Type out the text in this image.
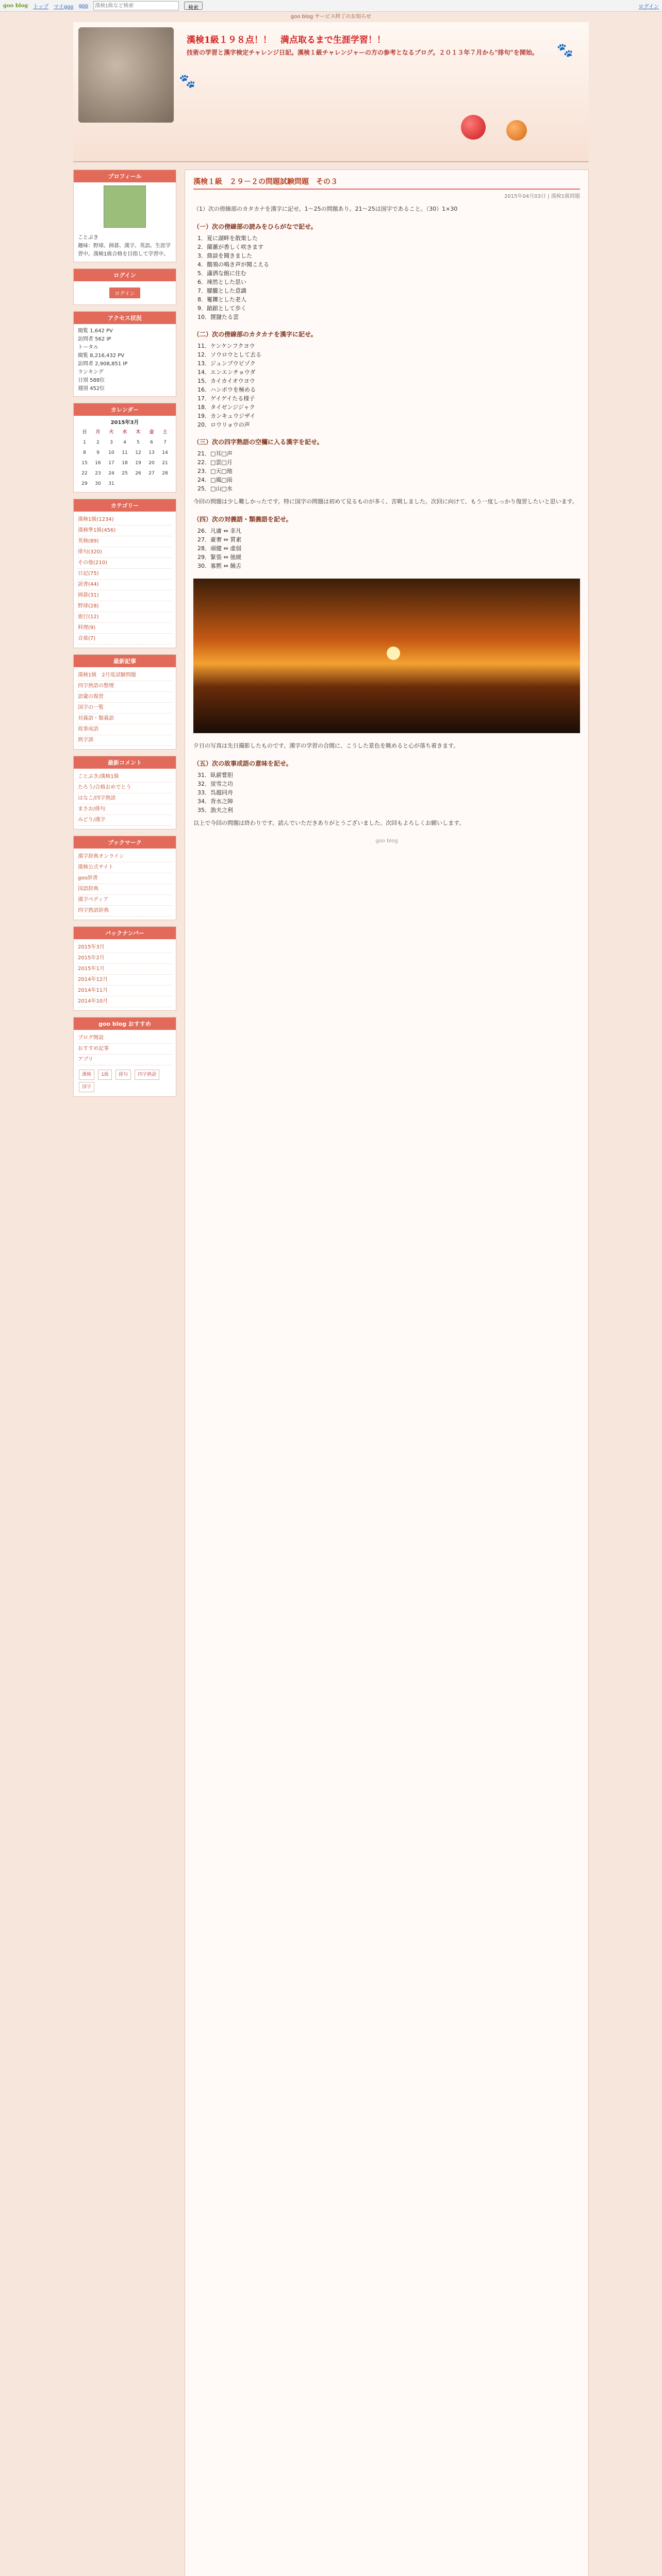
goo blog トップ マイgoo goo
漢検1級など検索	検索	ログイン
goo blog サービス終了のお知らせ
漢検1級１９８点！！　満点取るまで生涯学習！！
技術の学習と漢字検定チャレンジ日記。漢検１級チャレンジャーの方の参考となるブログ。２０１３年７月から"排句"を開始。
🐾
🐾
プロフィール
ことぶき
趣味：野球、囲碁、漢字、英語。生涯学習中。漢検1級合格を目指して学習中。
ログイン
ログイン
アクセス状況
閲覧 1,642 PV
訪問者 562 IP
トータル
閲覧 8,216,432 PV
訪問者 2,908,851 IP
ランキング
日別 588位
週別 452位
カレンダー
2015年3月
日	月	火	水	木	金	土
1	2	3	4	5	6	7
8	9	10	11	12	13	14
15	16	17	18	19	20	21
22	23	24	25	26	27	28
29	30	31				
カテゴリー
漢検1級(1234)
漢検準1級(456)
英検(89)
排句(320)
その他(210)
日記(75)
読書(44)
囲碁(31)
野球(28)
旅行(12)
料理(9)
音楽(7)
最新記事
漢検1級　2月度試験問題
四字熟語の整理
語彙の復習
国字の一覧
対義語・類義語
故事成語
熟字訓
最新コメント
ことぶき/漢検1級
たろう/合格おめでとう
はなこ/四字熟語
まさお/排句
みどり/漢字
ブックマーク
漢字辞典オンライン
漢検公式サイト
goo辞書
国語辞典
漢字ペディア
四字熟語辞典
バックナンバー
2015年3月
2015年2月
2015年1月
2014年12月
2014年11月
2014年10月
goo blog おすすめ
ブログ開設
おすすめ記事
アプリ
漢検 1級 排句 四字熟語 国字
漢検１級　２９－２の問題試験問題　その３
2015年04月03日 | 漢検1級問題
（1）次の傍線部のカタカナを漢字に記せ。1～25の問題あり。21～25は国字であること。（30）1×30
（一）次の傍線部の読みをひらがなで記せ。
1．夏に湖畔を散策した
2．蘭蕙が香しく咲きます
3．鼎談を聞きました
4．鶺鴒の鳴き声が聞こえる
5．瀟洒な館に住む
6．竦然とした思い
7．朦朧とした意識
8．矍鑠とした老人
9．蹌踉として歩く
10．靉靆たる雲
（二）次の傍線部のカタカナを漢字に記せ。
11．ケンケンフクヨウ
12．ソウロウとして去る
13．ジュンプウビゾク
14．エンエンチョウダ
15．カイカイオウヨウ
16．ハンボウを極める
17．ゲイゲイたる様子
18．タイゼンジジャク
19．カンキュウジザイ
20．ロウリョウの声
（三）次の四字熟語の空欄に入る漢字を記せ。
21．□耳□声
22．□雲□月
23．□天□地
24．□風□雨
25．□山□水
今回の問題は少し難しかったです。特に国字の問題は初めて見るものが多く、苦戦しました。次回に向けて、もう一度しっかり復習したいと思います。
（四）次の対義語・類義語を記せ。
26．凡庸 ⇔ 非凡
27．豪奢 ⇔ 質素
28．頑健 ⇔ 虚弱
29．緊張 ⇔ 弛緩
30．寡黙 ⇔ 饒舌
夕日の写真は先日撮影したものです。漢字の学習の合間に、こうした景色を眺めると心が落ち着きます。
（五）次の故事成語の意味を記せ。
31．臥薪嘗胆
32．蛍雪之功
33．呉越同舟
34．背水之陣
35．漁夫之利
以上で今回の問題は終わりです。読んでいただきありがとうございました。次回もよろしくお願いします。
goo blog
